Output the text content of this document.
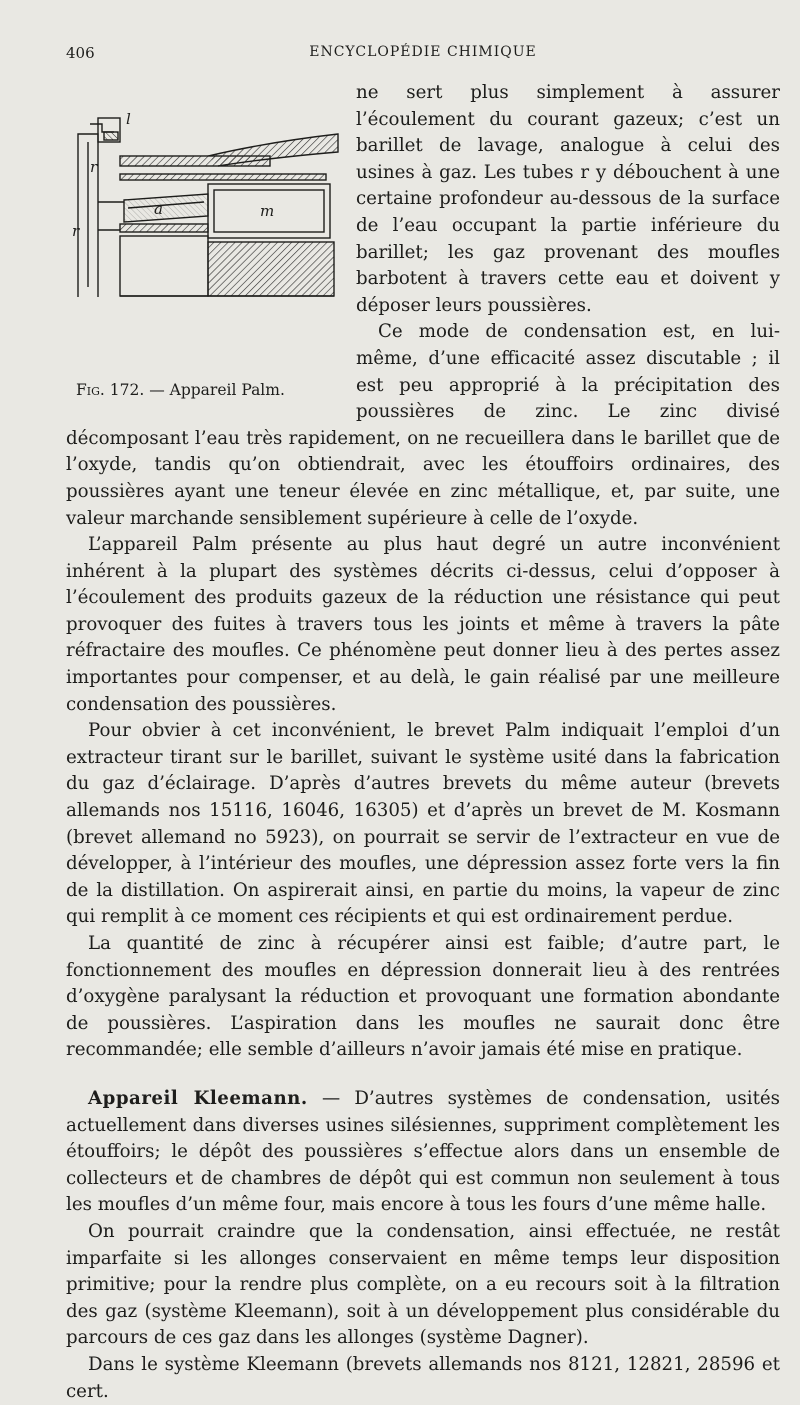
406	ENCYCLOPÉDIE CHIMIQUE
l
r
r
a	m
Fig. 172. — Appareil Palm.

ne sert plus simplement à assurer l’écoulement du courant gazeux; c’est un barillet de lavage, analogue à celui des usines à gaz. Les tubes r y débouchent à une certaine profondeur au-dessous de la surface de l’eau occupant la partie inférieure du barillet; les gaz provenant des moufles barbotent à travers cette eau et doivent y déposer leurs poussières.

Ce mode de condensation est, en lui-même, d’une efficacité assez discutable ; il est peu approprié à la précipitation des poussières de zinc. Le zinc divisé décomposant l’eau très rapidement, on ne recueillera dans le barillet que de l’oxyde, tandis qu’on obtiendrait, avec les étouffoirs ordinaires, des poussières ayant une teneur élevée en zinc métallique, et, par suite, une valeur marchande sensiblement supérieure à celle de l’oxyde.

L’appareil Palm présente au plus haut degré un autre inconvénient inhérent à la plupart des systèmes décrits ci-dessus, celui d’opposer à l’écoulement des produits gazeux de la réduction une résistance qui peut provoquer des fuites à travers tous les joints et même à travers la pâte réfractaire des moufles. Ce phénomène peut donner lieu à des pertes assez importantes pour compenser, et au delà, le gain réalisé par une meilleure condensation des poussières.

Pour obvier à cet inconvénient, le brevet Palm indiquait l’emploi d’un extracteur tirant sur le barillet, suivant le système usité dans la fabrication du gaz d’éclairage. D’après d’autres brevets du même auteur (brevets allemands nos 15116, 16046, 16305) et d’après un brevet de M. Kosmann (brevet allemand no 5923), on pourrait se servir de l’extracteur en vue de développer, à l’intérieur des moufles, une dépression assez forte vers la fin de la distillation. On aspirerait ainsi, en partie du moins, la vapeur de zinc qui remplit à ce moment ces récipients et qui est ordinairement perdue.

La quantité de zinc à récupérer ainsi est faible; d’autre part, le fonctionnement des moufles en dépression donnerait lieu à des rentrées d’oxygène paralysant la réduction et provoquant une formation abondante de poussières. L’aspiration dans les moufles ne saurait donc être recommandée; elle semble d’ailleurs n’avoir jamais été mise en pratique.

Appareil Kleemann. — D’autres systèmes de condensation, usités actuellement dans diverses usines silésiennes, suppriment complètement les étouffoirs; le dépôt des poussières s’effectue alors dans un ensemble de collecteurs et de chambres de dépôt qui est commun non seulement à tous les moufles d’un même four, mais encore à tous les fours d’une même halle.

On pourrait craindre que la condensation, ainsi effectuée, ne restât imparfaite si les allonges conservaient en même temps leur disposition primitive; pour la rendre plus complète, on a eu recours soit à la filtration des gaz (système Kleemann), soit à un développement plus considérable du parcours de ces gaz dans les allonges (système Dagner).

Dans le système Kleemann (brevets allemands nos 8121, 12821, 28596 et cert.
